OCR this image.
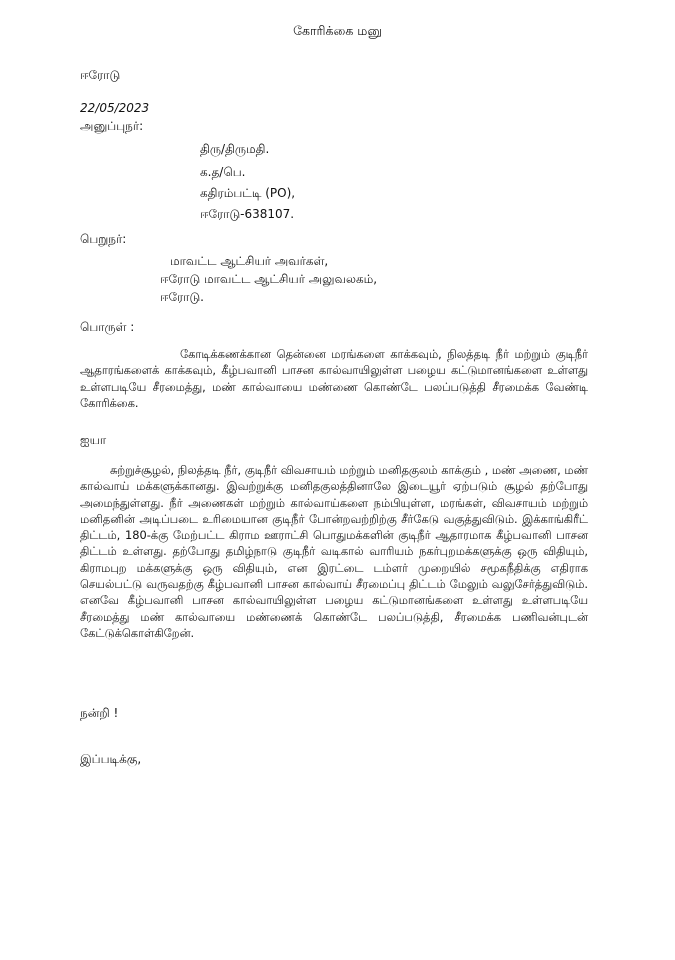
கோரிக்கை மனு
ஈரோடு
22/05/2023
அனுப்புநர்:
திரு/திருமதி.
க.த/பெ.
கதிரம்பட்டி (PO),
ஈரோடு-638107.
பெறுநர்:
மாவட்ட ஆட்சியர் அவர்கள்,
ஈரோடு மாவட்ட ஆட்சியர் அலுவலகம்,
ஈரோடு.
பொருள் :
கோடிக்கணக்கான தென்னை மரங்களை காக்கவும், நிலத்தடி நீர் மற்றும் குடிநீர் ஆதாரங்களைக் காக்கவும், கீழ்பவானி பாசன கால்வாயிலுள்ள பழைய கட்டுமானங்களை உள்ளது உள்ளபடியே சீரமைத்து, மண் கால்வாயை மண்ணை கொண்டே பலப்படுத்தி சீரமைக்க வேண்டி கோரிக்கை.
ஐயா
சுற்றுச்சூழல், நிலத்தடி நீர், குடிநீர் விவசாயம் மற்றும் மனிதகுலம் காக்கும் , மண் அணை, மண் கால்வாய் மக்களுக்கானது. இவற்றுக்கு மனிதகுலத்தினாலே இடையூர் ஏற்படும் சூழல் தற்போது அமைந்துள்ளது. நீர் அணைகள் மற்றும் கால்வாய்களை நம்பியுள்ள, மரங்கள், விவசாயம் மற்றும் மனிதனின் அடிப்படை உரிமையான குடிநீர் போன்றவற்றிற்கு சீர்கேடு வகுத்துவிடும். இக்காங்கிரீட் திட்டம், 180-க்கு மேற்பட்ட கிராம ஊராட்சி பொதுமக்களின் குடிநீர் ஆதாரமாக கீழ்பவானி பாசன திட்டம் உள்ளது. தற்போது தமிழ்நாடு குடிநீர் வடிகால் வாரியம் நகர்புறமக்களுக்கு ஒரு விதியும், கிராமபுற மக்களுக்கு ஒரு விதியும், என இரட்டை டம்ளர் முறையில் சமூகநீதிக்கு எதிராக செயல்பட்டு வருவதற்கு கீழ்பவானி பாசன கால்வாய் சீரமைப்பு திட்டம் மேலும் வலுசேர்த்துவிடும். எனவே கீழ்பவானி பாசன கால்வாயிலுள்ள பழைய கட்டுமானங்களை உள்ளது உள்ளபடியே சீரமைத்து மண் கால்வாயை மண்ணைக் கொண்டே பலப்படுத்தி, சீரமைக்க பணிவன்புடன் கேட்டுக்கொள்கிறேன்.
நன்றி !
இப்படிக்கு,
